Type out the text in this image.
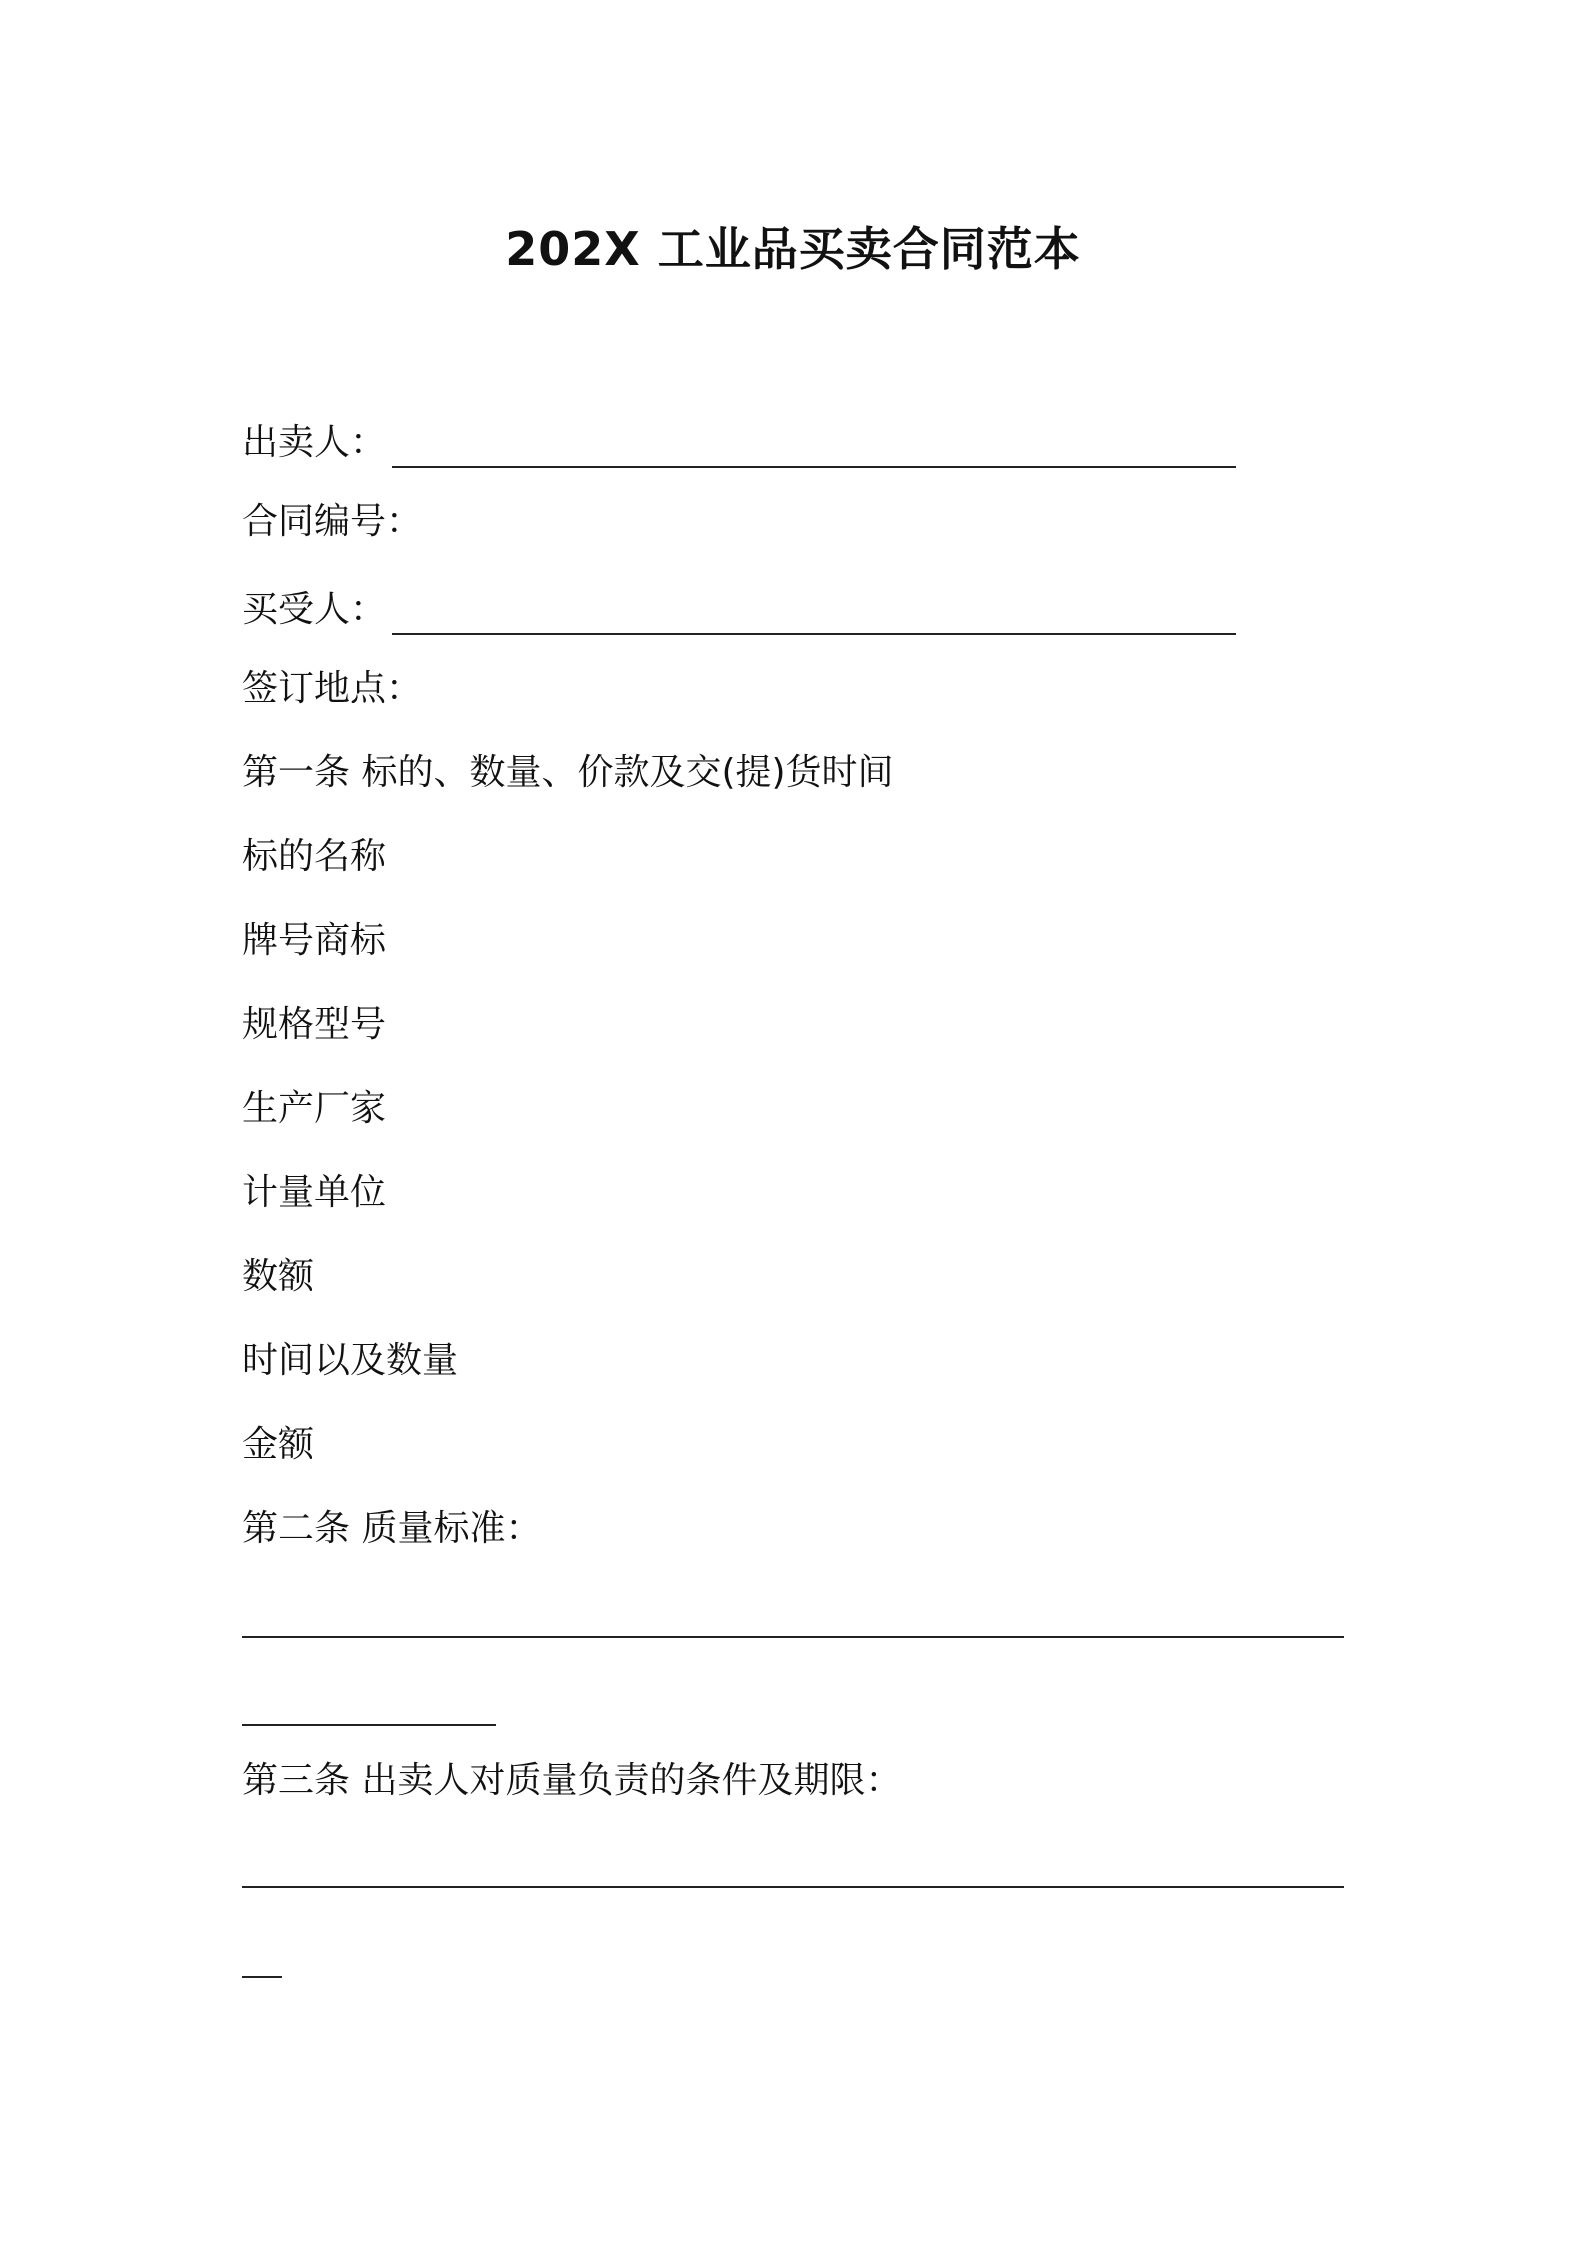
202X 工业品买卖合同范本
出卖人：
合同编号：
买受人：
签订地点：
第一条 标的、数量、价款及交(提)货时间
标的名称
牌号商标
规格型号
生产厂家
计量单位
数额
时间以及数量
金额
第二条 质量标准：
第三条 出卖人对质量负责的条件及期限：
